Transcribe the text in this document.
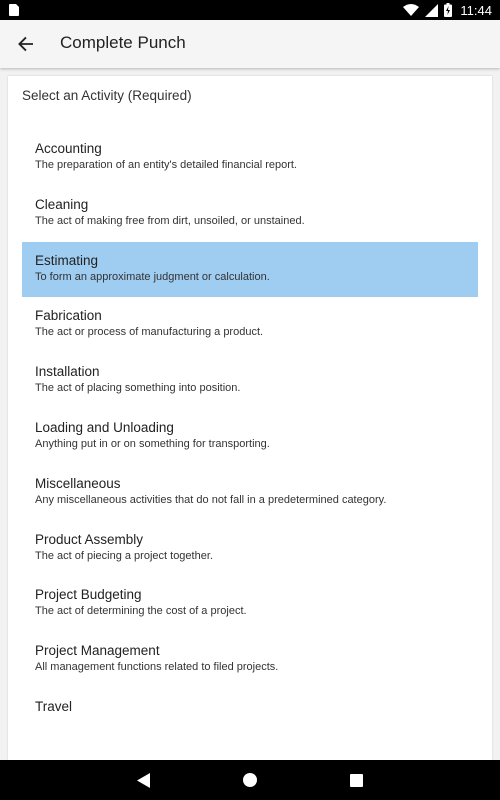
11:44
Complete Punch
Select an Activity (Required)
Accounting
The preparation of an entity's detailed financial report.
Cleaning
The act of making free from dirt, unsoiled, or unstained.
Estimating
To form an approximate judgment or calculation.
Fabrication
The act or process of manufacturing a product.
Installation
The act of placing something into position.
Loading and Unloading
Anything put in or on something for transporting.
Miscellaneous
Any miscellaneous activities that do not fall in a predetermined category.
Product Assembly
The act of piecing a project together.
Project Budgeting
The act of determining the cost of a project.
Project Management
All management functions related to filed projects.
Travel
